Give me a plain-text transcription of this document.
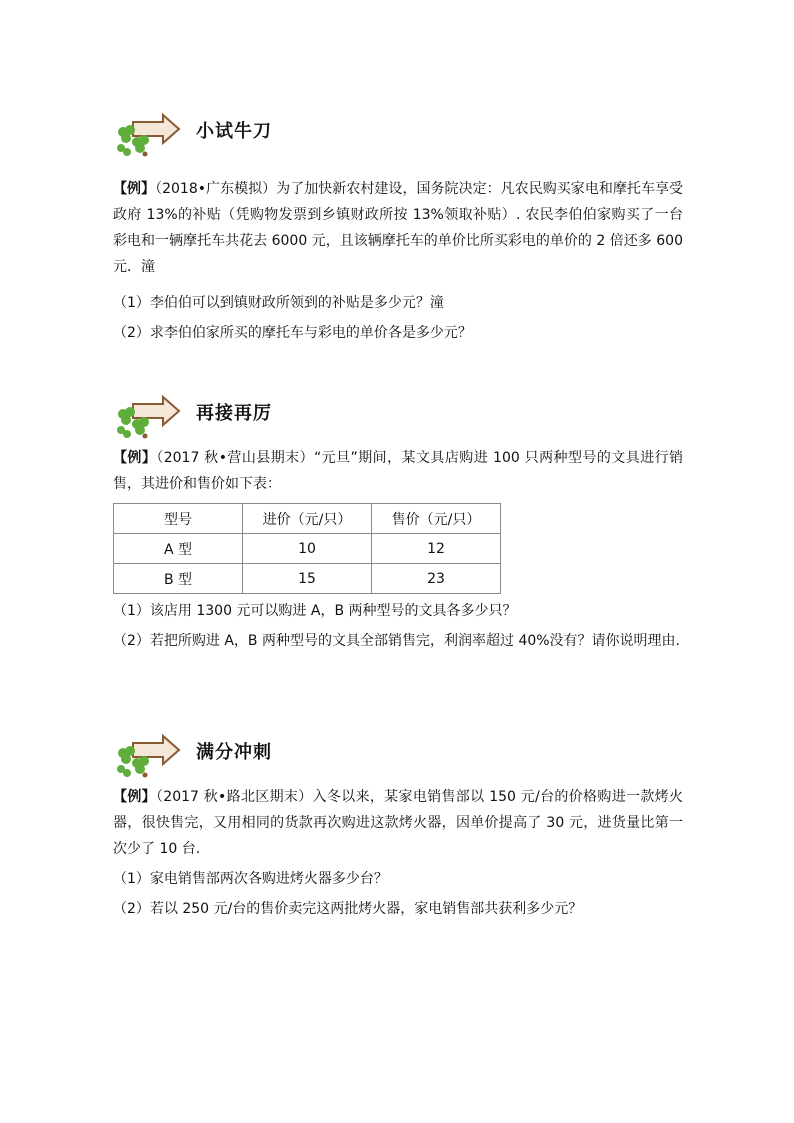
小试牛刀

【例】（2018•广东模拟）为了加快新农村建设，国务院决定：凡农民购买家电和摩托车享受政府 13%的补贴（凭购物发票到乡镇财政所按 13%领取补贴）. 农民李伯伯家购买了一台彩电和一辆摩托车共花去 6000 元，且该辆摩托车的单价比所买彩电的单价的 2 倍还多 600 元．潼

（1）李伯伯可以到镇财政所领到的补贴是多少元？潼

（2）求李伯伯家所买的摩托车与彩电的单价各是多少元？

再接再厉

【例】（2017 秋•营山县期末）“元旦”期间，某文具店购进 100 只两种型号的文具进行销售，其进价和售价如下表：

型号	进价（元/只）	售价（元/只）
A 型	10	12
B 型	15	23

（1）该店用 1300 元可以购进 A，B 两种型号的文具各多少只？

（2）若把所购进 A，B 两种型号的文具全部销售完，利润率超过 40%没有？请你说明理由.

满分冲刺

【例】（2017 秋•路北区期末）入冬以来，某家电销售部以 150 元/台的价格购进一款烤火器，很快售完，又用相同的货款再次购进这款烤火器，因单价提高了 30 元，进货量比第一次少了 10 台.

（1）家电销售部两次各购进烤火器多少台？

（2）若以 250 元/台的售价卖完这两批烤火器，家电销售部共获利多少元？
